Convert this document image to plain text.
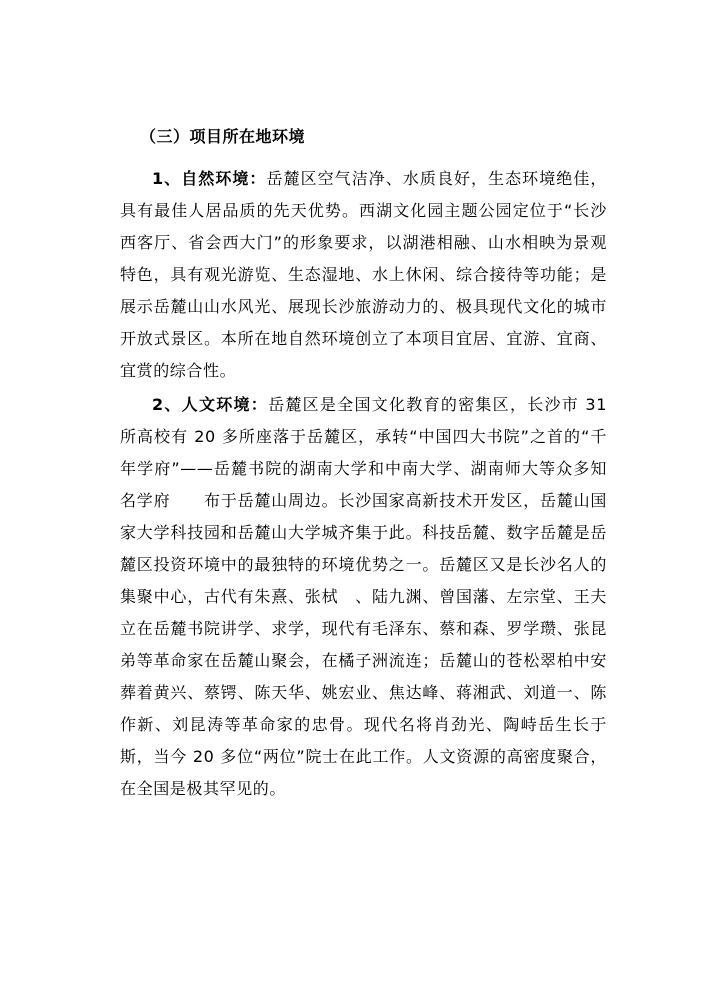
（三）项目所在地环境

1、自然环境：岳麓区空气洁净、水质良好，生态环境绝佳，具有最佳人居品质的先天优势。西湖文化园主题公园定位于“长沙西客厅、省会西大门”的形象要求，以湖港相融、山水相映为景观特色，具有观光游览、生态湿地、水上休闲、综合接待等功能；是展示岳麓山山水风光、展现长沙旅游动力的、极具现代文化的城市开放式景区。本所在地自然环境创立了本项目宜居、宜游、宜商、宜赏的综合性。

2、人文环境：岳麓区是全国文化教育的密集区，长沙市 31 所高校有 20 多所座落于岳麓区，承转“中国四大书院”之首的“千年学府”——岳麓书院的湖南大学和中南大学、湖南师大等众多知名学府　　布于岳麓山周边。长沙国家高新技术开发区，岳麓山国家大学科技园和岳麓山大学城齐集于此。科技岳麓、数字岳麓是岳麓区投资环境中的最独特的环境优势之一。岳麓区又是长沙名人的集聚中心，古代有朱熹、张栻　、陆九渊、曾国藩、左宗堂、王夫立在岳麓书院讲学、求学，现代有毛泽东、蔡和森、罗学瓒、张昆弟等革命家在岳麓山聚会，在橘子洲流连；岳麓山的苍松翠柏中安葬着黄兴、蔡锷、陈天华、姚宏业、焦达峰、蒋湘武、刘道一、陈作新、刘昆涛等革命家的忠骨。现代名将肖劲光、陶峙岳生长于斯，当今 20 多位“两位”院士在此工作。人文资源的高密度聚合，在全国是极其罕见的。
